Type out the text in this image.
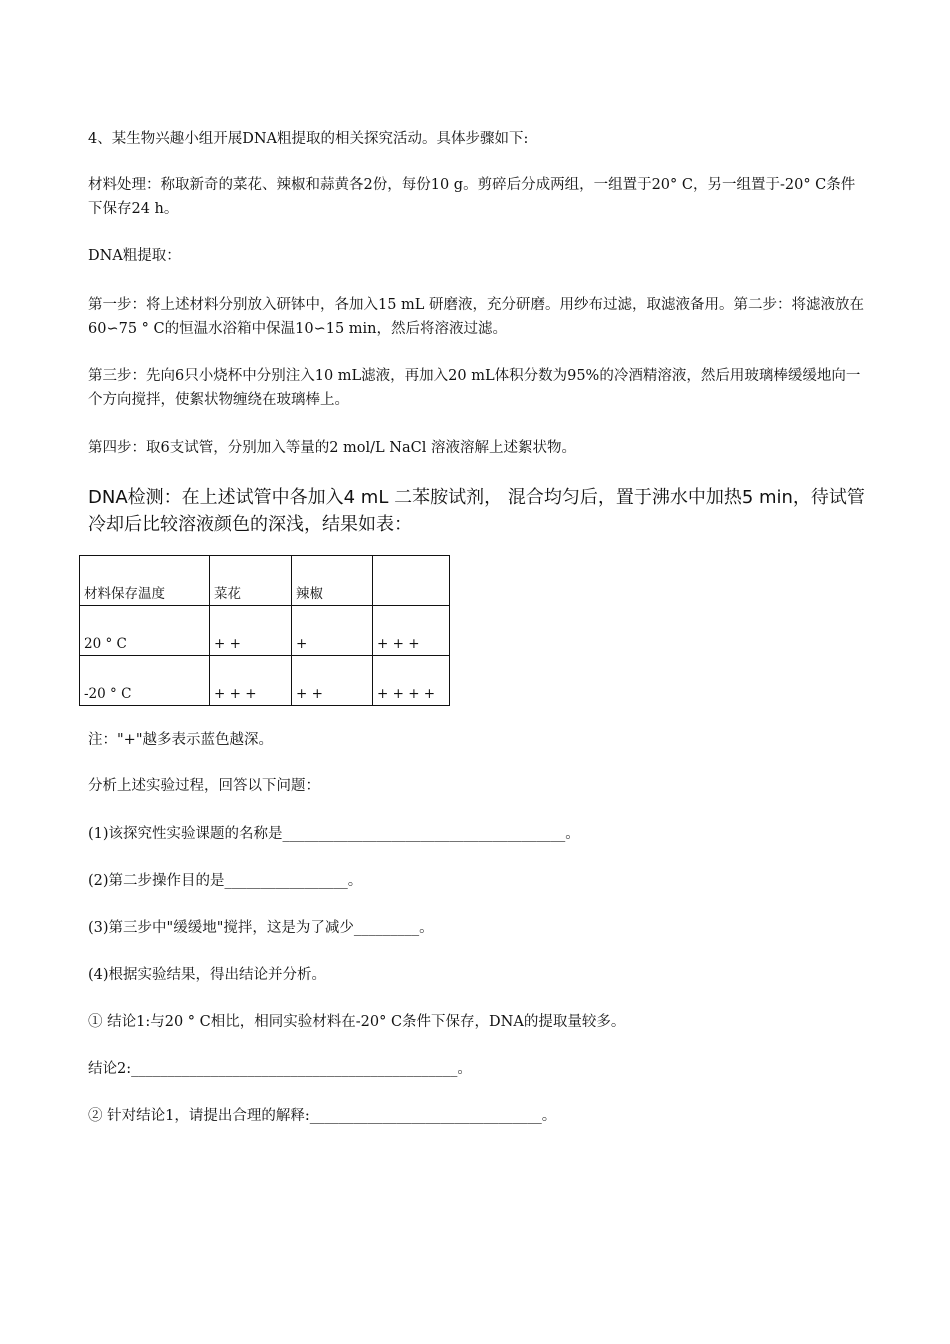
4、某生物兴趣小组开展DNA粗提取的相关探究活动。具体步骤如下:

材料处理：称取新奇的菜花、辣椒和蒜黄各2份，每份10 g。剪碎后分成两组，一组置于20° C，另一组置于-20° C条件下保存24 h。

DNA粗提取：

第一步：将上述材料分别放入研钵中，各加入15 mL 研磨液，充分研磨。用纱布过滤，取滤液备用。第二步：将滤液放在60∽75 ° C的恒温水浴箱中保温10∽15 min，然后将溶液过滤。

第三步：先向6只小烧杯中分别注入10 mL滤液，再加入20 mL体积分数为95%的冷酒精溶液，然后用玻璃棒缓缓地向一个方向搅拌，使絮状物缠绕在玻璃棒上。

第四步：取6支试管，分别加入等量的2 mol/L NaCl 溶液溶解上述絮状物。

DNA检测：在上述试管中各加入4 mL 二苯胺试剂， 混合均匀后，置于沸水中加热5 min，待试管冷却后比较溶液颜色的深浅，结果如表：

材料保存温度	菜花	辣椒	
20 ° C	+ +	+	+ + +
-20 ° C	+ + +	+ +	+ + + +

注："+"越多表示蓝色越深。

分析上述实验过程，回答以下问题：

(1)该探究性实验课题的名称是_______________________________________。

(2)第二步操作目的是_________________。

(3)第三步中"缓缓地"搅拌，这是为了减少_________。

(4)根据实验结果，得出结论并分析。

① 结论1:与20 ° C相比，相同实验材料在-20° C条件下保存，DNA的提取量较多。

结论2:_____________________________________________。

② 针对结论1，请提出合理的解释:________________________________。
